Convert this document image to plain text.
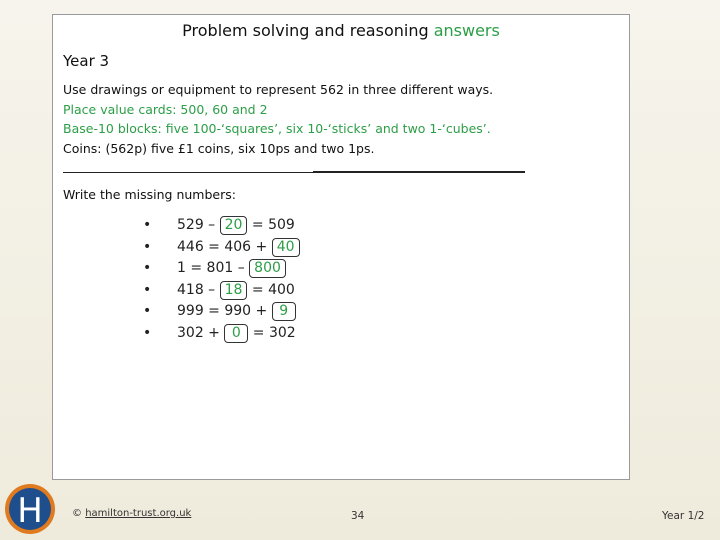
Problem solving and reasoning answers
Year 3
Use drawings or equipment to represent 562 in three different ways.
Place value cards: 500, 60 and 2
Base-10 blocks: five 100-‘squares’, six 10-‘sticks’ and two 1-‘cubes’.
Coins: (562p) five £1 coins, six 10ps and two 1ps.
Write the missing numbers:
• 529 – 20 = 509
• 446 = 406 + 40
• 1 = 801 – 800
• 418 – 18 = 400
• 999 = 990 + 9
• 302 + 0 = 302
H	© hamilton-trust.org.uk	34	Year 1/2
